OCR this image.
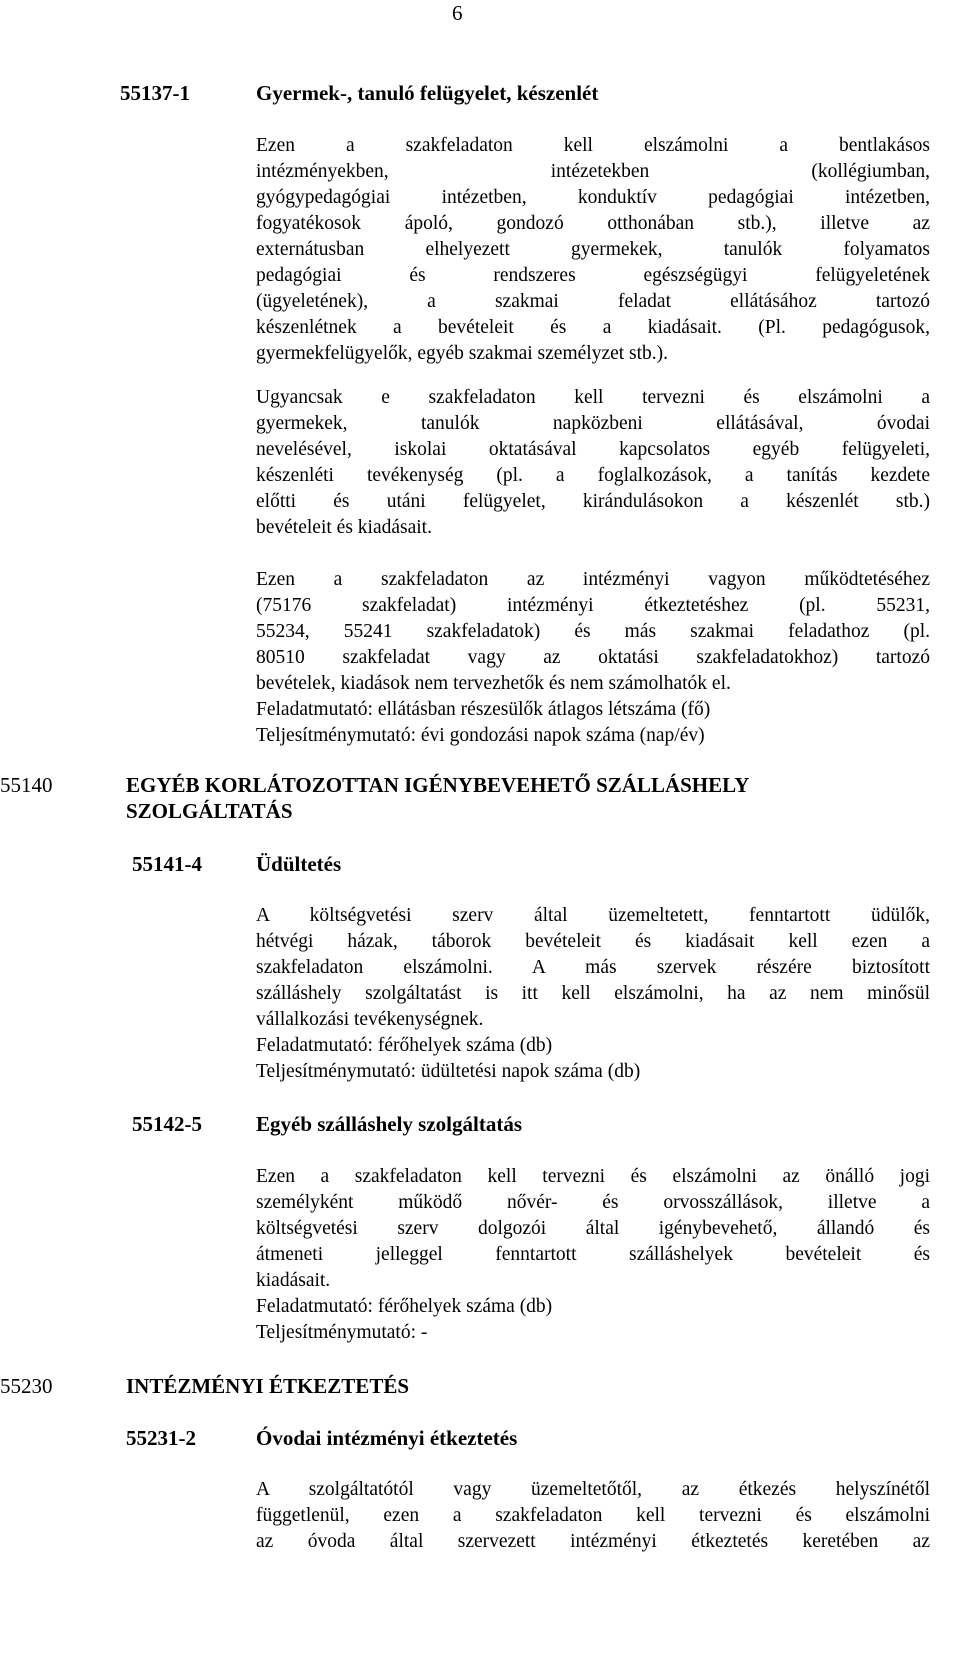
6
55137-1	Gyermek-, tanuló felügyelet, készenlét
Ezen a szakfeladaton kell elszámolni a bentlakásos
intézményekben, intézetekben (kollégiumban,
gyógypedagógiai intézetben, konduktív pedagógiai intézetben,
fogyatékosok ápoló, gondozó otthonában stb.), illetve az
externátusban elhelyezett gyermekek, tanulók folyamatos
pedagógiai és rendszeres egészségügyi felügyeletének
(ügyeletének), a szakmai feladat ellátásához tartozó
készenlétnek a bevételeit és a kiadásait. (Pl. pedagógusok,
gyermekfelügyelők, egyéb szakmai személyzet stb.).
Ugyancsak e szakfeladaton kell tervezni és elszámolni a
gyermekek, tanulók napközbeni ellátásával, óvodai
nevelésével, iskolai oktatásával kapcsolatos egyéb felügyeleti,
készenléti tevékenység (pl. a foglalkozások, a tanítás kezdete
előtti és utáni felügyelet, kirándulásokon a készenlét stb.)
bevételeit és kiadásait.
Ezen a szakfeladaton az intézményi vagyon működtetéséhez
(75176 szakfeladat) intézményi étkeztetéshez (pl. 55231,
55234, 55241 szakfeladatok) és más szakmai feladathoz (pl.
80510 szakfeladat vagy az oktatási szakfeladatokhoz) tartozó
bevételek, kiadások nem tervezhetők és nem számolhatók el.
Feladatmutató: ellátásban részesülők átlagos létszáma (fő)
Teljesítménymutató: évi gondozási napok száma (nap/év)
55140	EGYÉB KORLÁTOZOTTAN IGÉNYBEVEHETŐ SZÁLLÁSHELY
SZOLGÁLTATÁS
55141-4	Üdültetés
A költségvetési szerv által üzemeltetett, fenntartott üdülők,
hétvégi házak, táborok bevételeit és kiadásait kell ezen a
szakfeladaton elszámolni. A más szervek részére biztosított
szálláshely szolgáltatást is itt kell elszámolni, ha az nem minősül
vállalkozási tevékenységnek.
Feladatmutató: férőhelyek száma (db)
Teljesítménymutató: üdültetési napok száma (db)
55142-5	Egyéb szálláshely szolgáltatás
Ezen a szakfeladaton kell tervezni és elszámolni az önálló jogi
személyként működő nővér- és orvosszállások, illetve a
költségvetési szerv dolgozói által igénybevehető, állandó és
átmeneti jelleggel fenntartott szálláshelyek bevételeit és
kiadásait.
Feladatmutató: férőhelyek száma (db)
Teljesítménymutató: -
55230	INTÉZMÉNYI ÉTKEZTETÉS
55231-2	Óvodai intézményi étkeztetés
A szolgáltatótól vagy üzemeltetőtől, az étkezés helyszínétől
függetlenül, ezen a szakfeladaton kell tervezni és elszámolni
az óvoda által szervezett intézményi étkeztetés keretében az
